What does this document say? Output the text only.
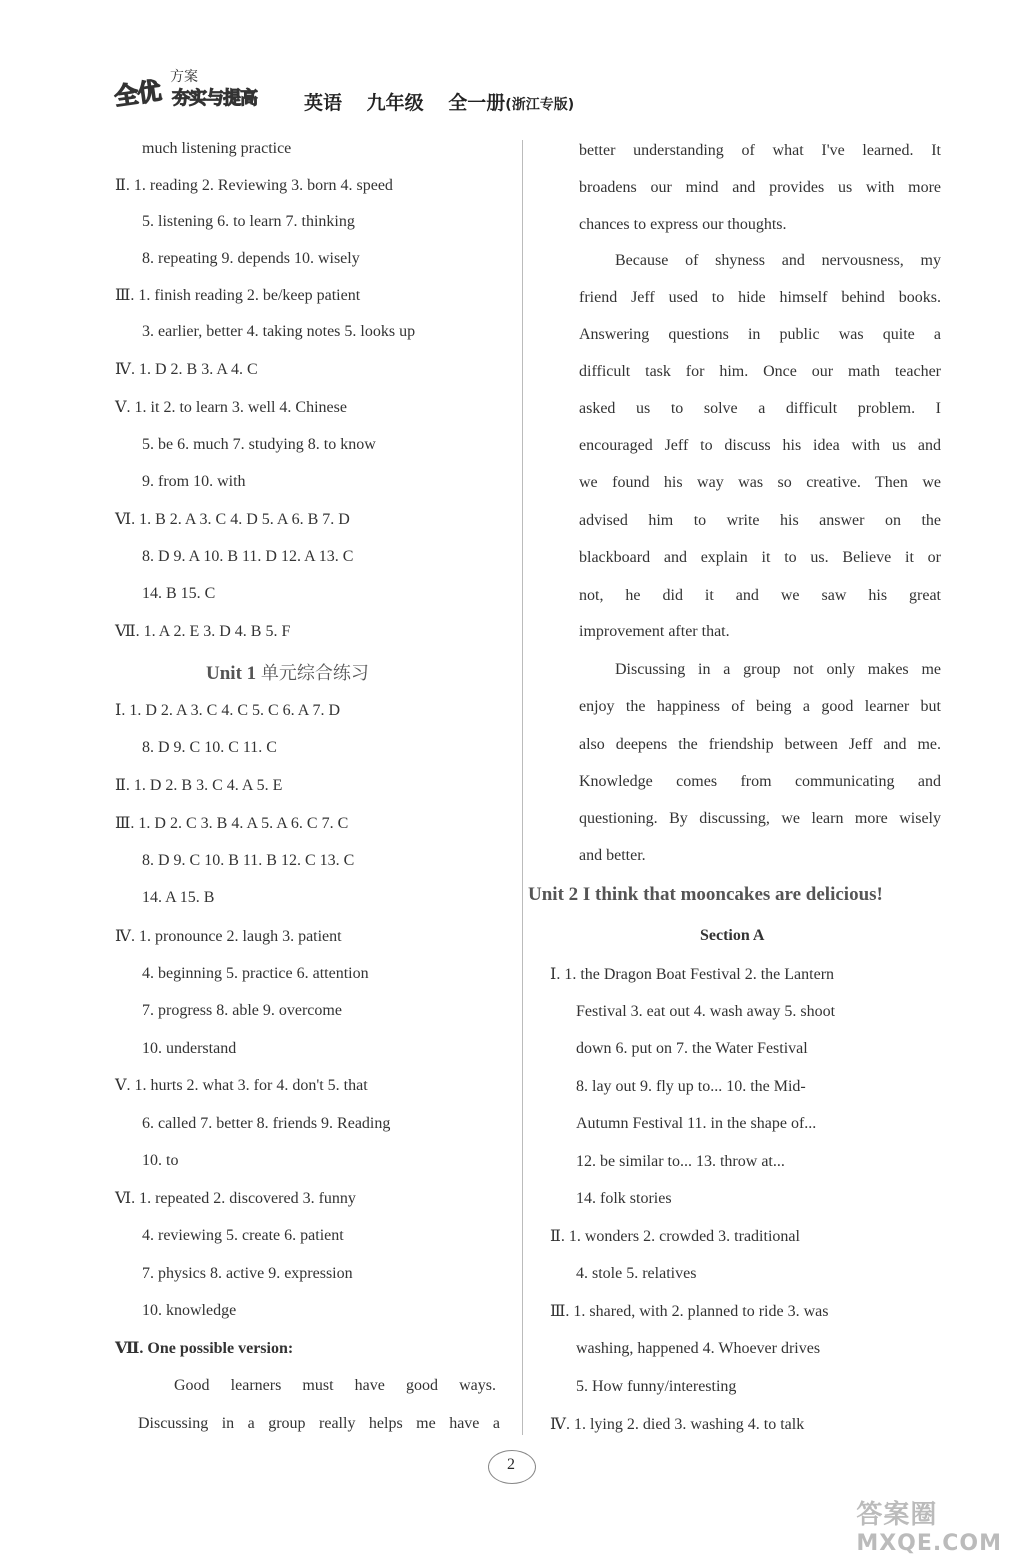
全优 方案
夯实与提高 英语 九年级 全一册(浙江专版)
much listening practice
Ⅱ. 1. reading 2. Reviewing 3. born 4. speed
5. listening 6. to learn 7. thinking
8. repeating 9. depends 10. wisely
Ⅲ. 1. finish reading 2. be/keep patient
3. earlier, better 4. taking notes 5. looks up
Ⅳ. 1. D 2. B 3. A 4. C
Ⅴ. 1. it 2. to learn 3. well 4. Chinese
5. be 6. much 7. studying 8. to know
9. from 10. with
Ⅵ. 1. B 2. A 3. C 4. D 5. A 6. B 7. D
8. D 9. A 10. B 11. D 12. A 13. C
14. B 15. C
Ⅶ. 1. A 2. E 3. D 4. B 5. F
Unit 1 单元综合练习
Ⅰ. 1. D 2. A 3. C 4. C 5. C 6. A 7. D
8. D 9. C 10. C 11. C
Ⅱ. 1. D 2. B 3. C 4. A 5. E
Ⅲ. 1. D 2. C 3. B 4. A 5. A 6. C 7. C
8. D 9. C 10. B 11. B 12. C 13. C
14. A 15. B
Ⅳ. 1. pronounce 2. laugh 3. patient
4. beginning 5. practice 6. attention
7. progress 8. able 9. overcome
10. understand
Ⅴ. 1. hurts 2. what 3. for 4. don't 5. that
6. called 7. better 8. friends 9. Reading
10. to
Ⅵ. 1. repeated 2. discovered 3. funny
4. reviewing 5. create 6. patient
7. physics 8. active 9. expression
10. knowledge
Ⅶ. One possible version:
Good learners must have good ways.
Discussing in a group really helps me have a
better understanding of what I've learned. It
broadens our mind and provides us with more
chances to express our thoughts.
Because of shyness and nervousness, my
friend Jeff used to hide himself behind books.
Answering questions in public was quite a
difficult task for him. Once our math teacher
asked us to solve a difficult problem. I
encouraged Jeff to discuss his idea with us and
we found his way was so creative. Then we
advised him to write his answer on the
blackboard and explain it to us. Believe it or
not, he did it and we saw his great
improvement after that.
Discussing in a group not only makes me
enjoy the happiness of being a good learner but
also deepens the friendship between Jeff and me.
Knowledge comes from communicating and
questioning. By discussing, we learn more wisely
and better.
Unit 2 I think that mooncakes are delicious!
Section A
Ⅰ. 1. the Dragon Boat Festival 2. the Lantern
Festival 3. eat out 4. wash away 5. shoot
down 6. put on 7. the Water Festival
8. lay out 9. fly up to... 10. the Mid-
Autumn Festival 11. in the shape of...
12. be similar to... 13. throw at...
14. folk stories
Ⅱ. 1. wonders 2. crowded 3. traditional
4. stole 5. relatives
Ⅲ. 1. shared, with 2. planned to ride 3. was
washing, happened 4. Whoever drives
5. How funny/interesting
Ⅳ. 1. lying 2. died 3. washing 4. to talk
2
答案圈
MXQE.COM
